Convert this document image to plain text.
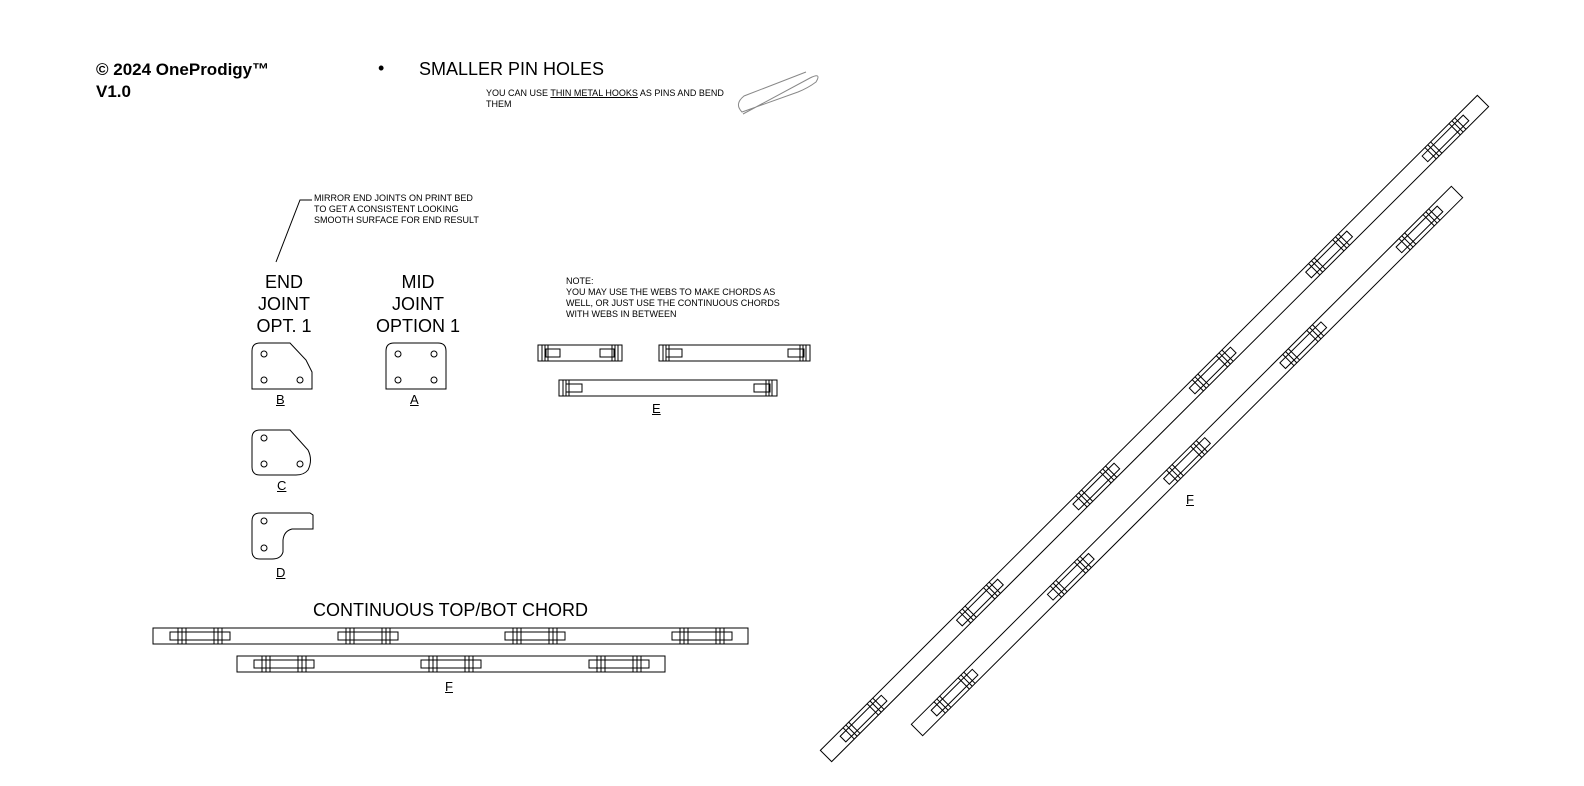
© 2024 OneProdigy™
V1.0
• SMALLER PIN HOLES
YOU CAN USE THIN METAL HOOKS AS PINS AND BEND THEM
MIRROR END JOINTS ON PRINT BED TO GET A CONSISTENT LOOKING SMOOTH SURFACE FOR END RESULT
NOTE:
YOU MAY USE THE WEBS TO MAKE CHORDS AS WELL, OR JUST USE THE CONTINUOUS CHORDS WITH WEBS IN BETWEEN
END
JOINT
OPT. 1
MID
JOINT
OPTION 1
B	A
C
D
E
F
F
CONTINUOUS TOP/BOT CHORD
